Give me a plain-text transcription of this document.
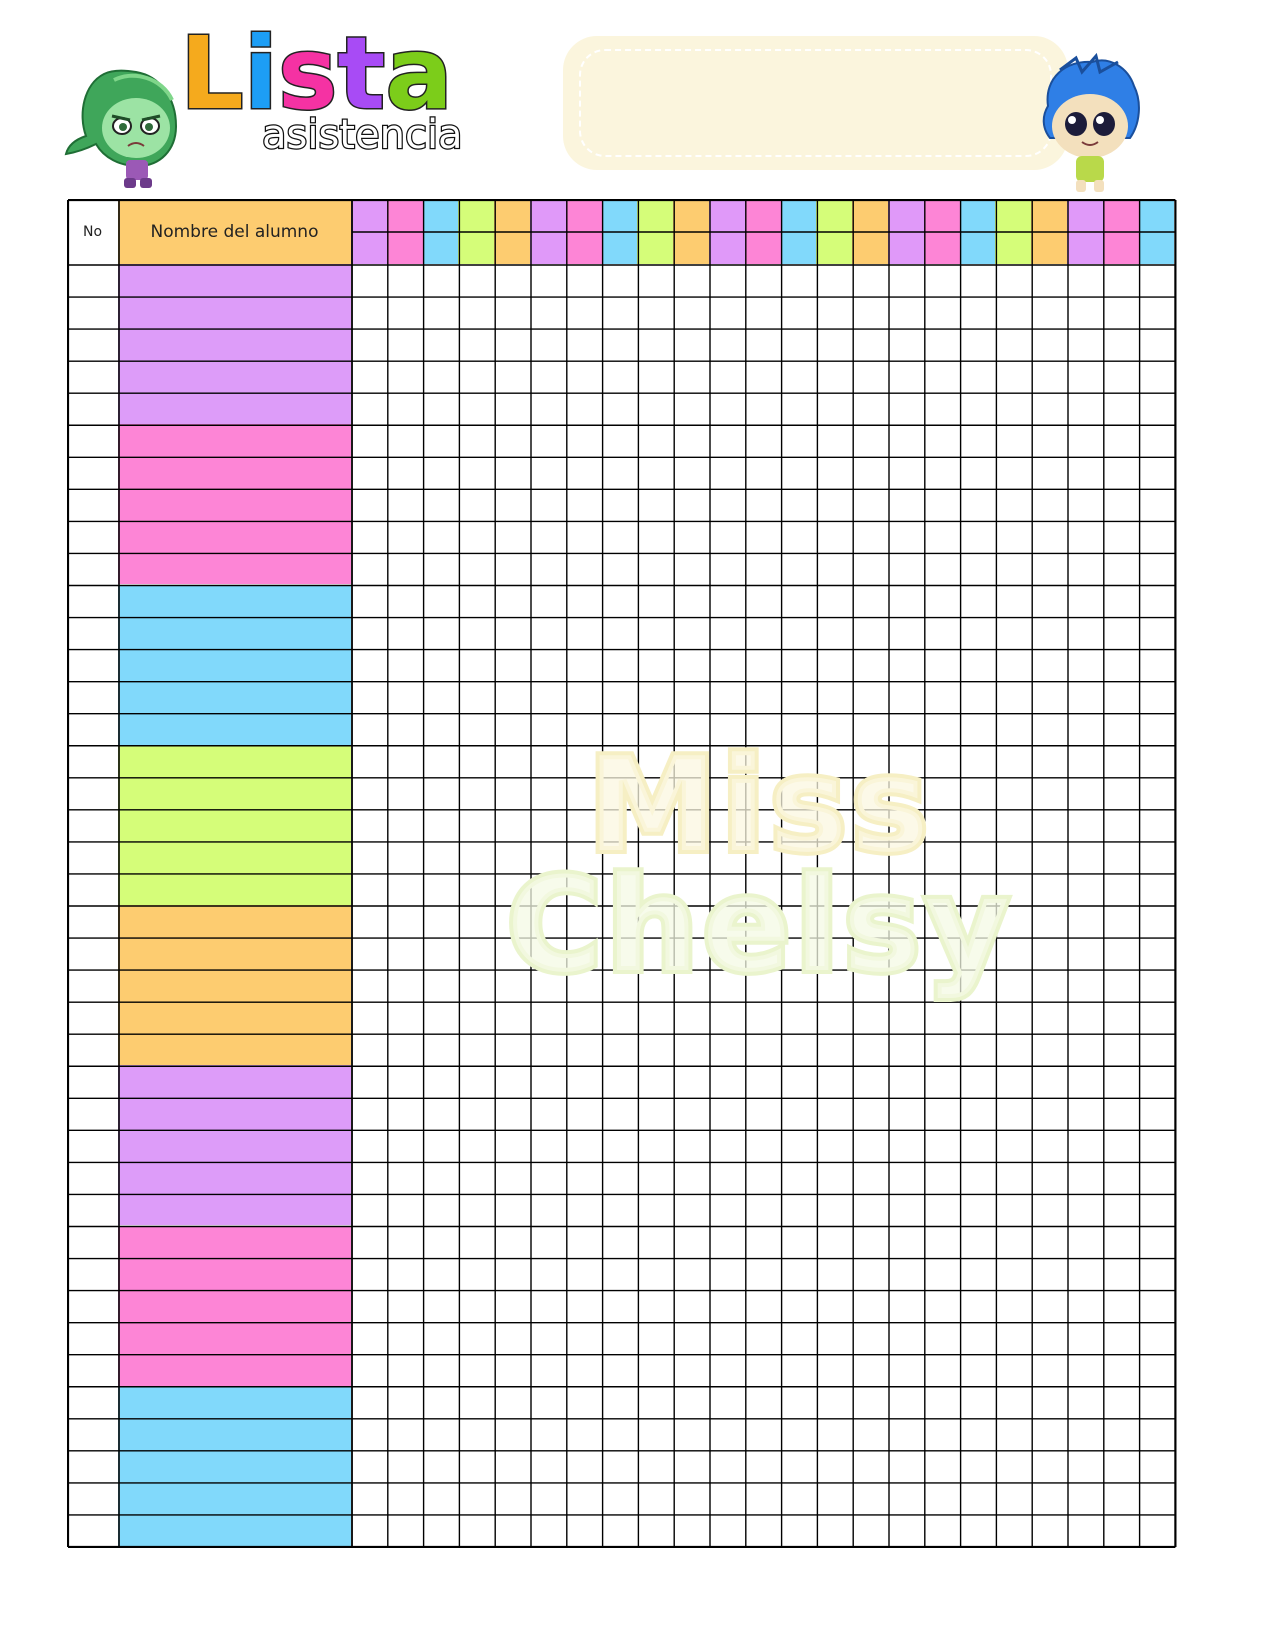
Lista
asistencia
No	Nombre del alumno
Miss
Chelsy
